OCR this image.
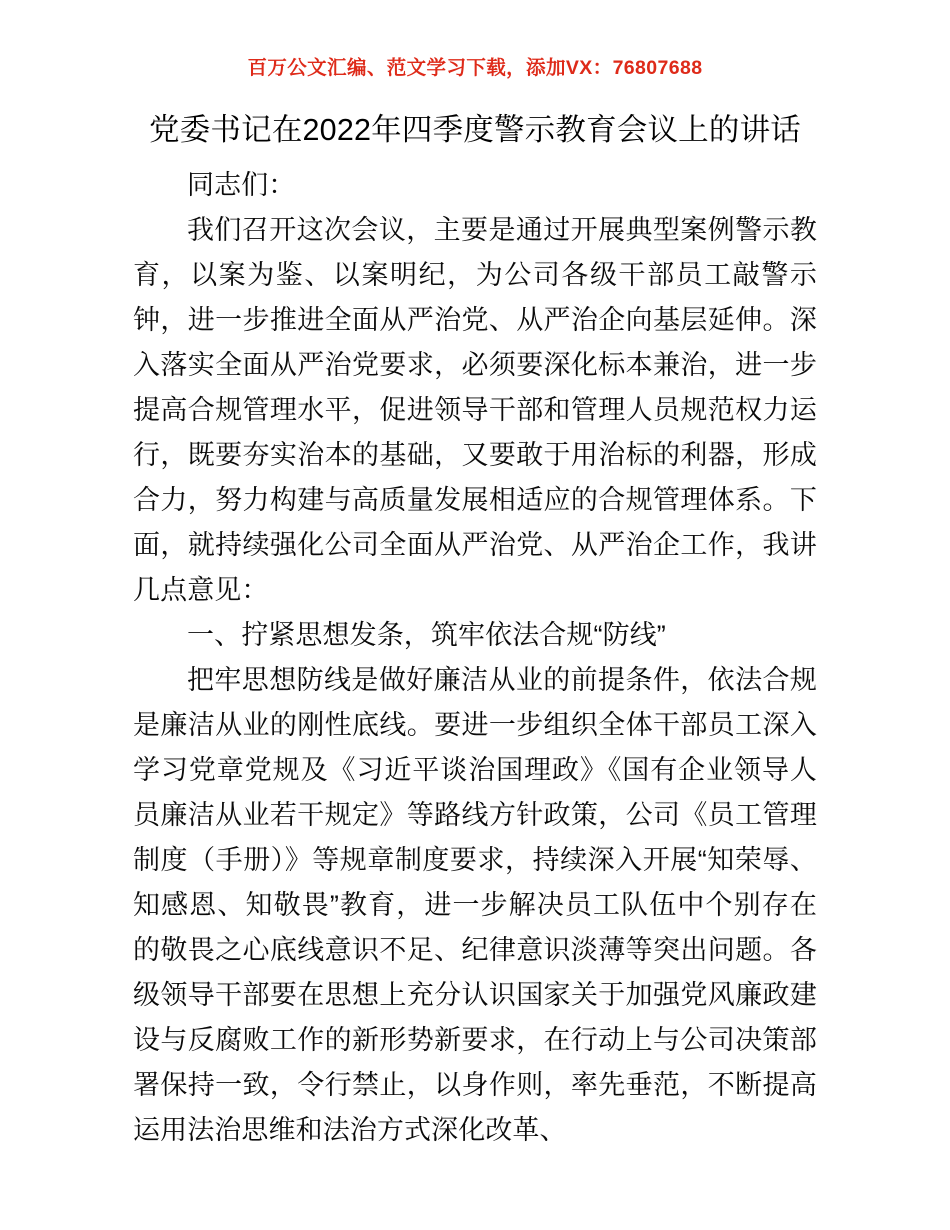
百万公文汇编、范文学习下载，添加VX：76807688
党委书记在2022年四季度警示教育会议上的讲话

同志们：

我们召开这次会议，主要是通过开展典型案例警示教育，以案为鉴、以案明纪，为公司各级干部员工敲警示钟，进一步推进全面从严治党、从严治企向基层延伸。深入落实全面从严治党要求，必须要深化标本兼治，进一步提高合规管理水平，促进领导干部和管理人员规范权力运行，既要夯实治本的基础，又要敢于用治标的利器，形成合力，努力构建与高质量发展相适应的合规管理体系。下面，就持续强化公司全面从严治党、从严治企工作，我讲几点意见：

一、拧紧思想发条，筑牢依法合规“防线”

把牢思想防线是做好廉洁从业的前提条件，依法合规是廉洁从业的刚性底线。要进一步组织全体干部员工深入学习党章党规及《习近平谈治国理政》《国有企业领导人员廉洁从业若干规定》等路线方针政策，公司《员工管理制度（手册）》等规章制度要求，持续深入开展“知荣辱、知感恩、知敬畏”教育，进一步解决员工队伍中个别存在的敬畏之心底线意识不足、纪律意识淡薄等突出问题。各级领导干部要在思想上充分认识国家关于加强党风廉政建设与反腐败工作的新形势新要求，在行动上与公司决策部署保持一致，令行禁止，以身作则，率先垂范，不断提高运用法治思维和法治方式深化改革、
